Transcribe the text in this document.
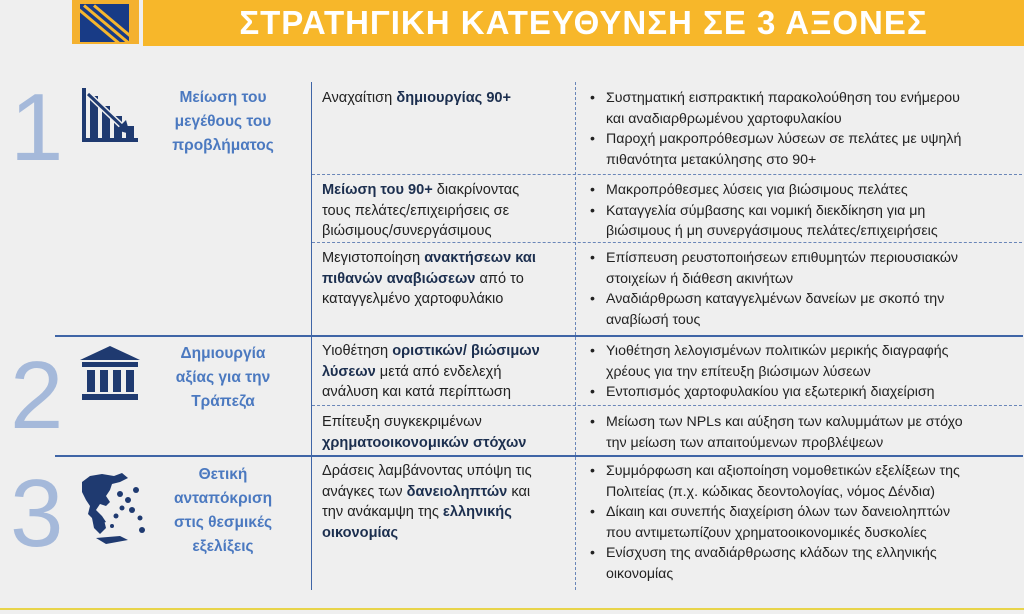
ΣΤΡΑΤΗΓΙΚΗ ΚΑΤΕΥΘΥΝΣΗ ΣΕ 3 ΑΞΟΝΕΣ
1
2
3
Μείωση του
μεγέθους του
προβλήματος
Δημιουργία
αξίας για την
Τράπεζα
Θετική
ανταπόκριση
στις θεσμικές
εξελίξεις
Αναχαίτιση δημιουργίας 90+
Μείωση του 90+ διακρίνοντας
τους πελάτες/επιχειρήσεις σε
βιώσιμους/συνεργάσιμους
Μεγιστοποίηση ανακτήσεων και
πιθανών αναβιώσεων από το
καταγγελμένο χαρτοφυλάκιο
Υιοθέτηση οριστικών/ βιώσιμων
λύσεων μετά από ενδελεχή
ανάλυση και κατά περίπτωση
Επίτευξη συγκεκριμένων
χρηματοοικονομικών στόχων
Δράσεις λαμβάνοντας υπόψη τις
ανάγκες των δανειοληπτών και
την ανάκαμψη της ελληνικής
οικονομίας
• Συστηματική εισπρακτική παρακολούθηση του ενήμερου
και αναδιαρθρωμένου χαρτοφυλακίου
• Παροχή μακροπρόθεσμων λύσεων σε πελάτες με υψηλή
πιθανότητα μετακύλησης στο 90+
• Μακροπρόθεσμες λύσεις για βιώσιμους πελάτες
• Καταγγελία σύμβασης και νομική διεκδίκηση για μη
βιώσιμους ή μη συνεργάσιμους πελάτες/επιχειρήσεις
• Επίσπευση ρευστοποιήσεων επιθυμητών περιουσιακών
στοιχείων ή διάθεση ακινήτων
• Αναδιάρθρωση καταγγελμένων δανείων με σκοπό την
αναβίωσή τους
• Υιοθέτηση λελογισμένων πολιτικών μερικής διαγραφής
χρέους για την επίτευξη βιώσιμων λύσεων
• Εντοπισμός χαρτοφυλακίου για εξωτερική διαχείριση
• Μείωση των NPLs και αύξηση των καλυμμάτων με στόχο
την μείωση των απαιτούμενων προβλέψεων
• Συμμόρφωση και αξιοποίηση νομοθετικών εξελίξεων της
Πολιτείας (π.χ. κώδικας δεοντολογίας, νόμος Δένδια)
• Δίκαιη και συνεπής διαχείριση όλων των δανειοληπτών
που αντιμετωπίζουν χρηματοοικονομικές δυσκολίες
• Ενίσχυση της αναδιάρθρωσης κλάδων της ελληνικής
οικονομίας
